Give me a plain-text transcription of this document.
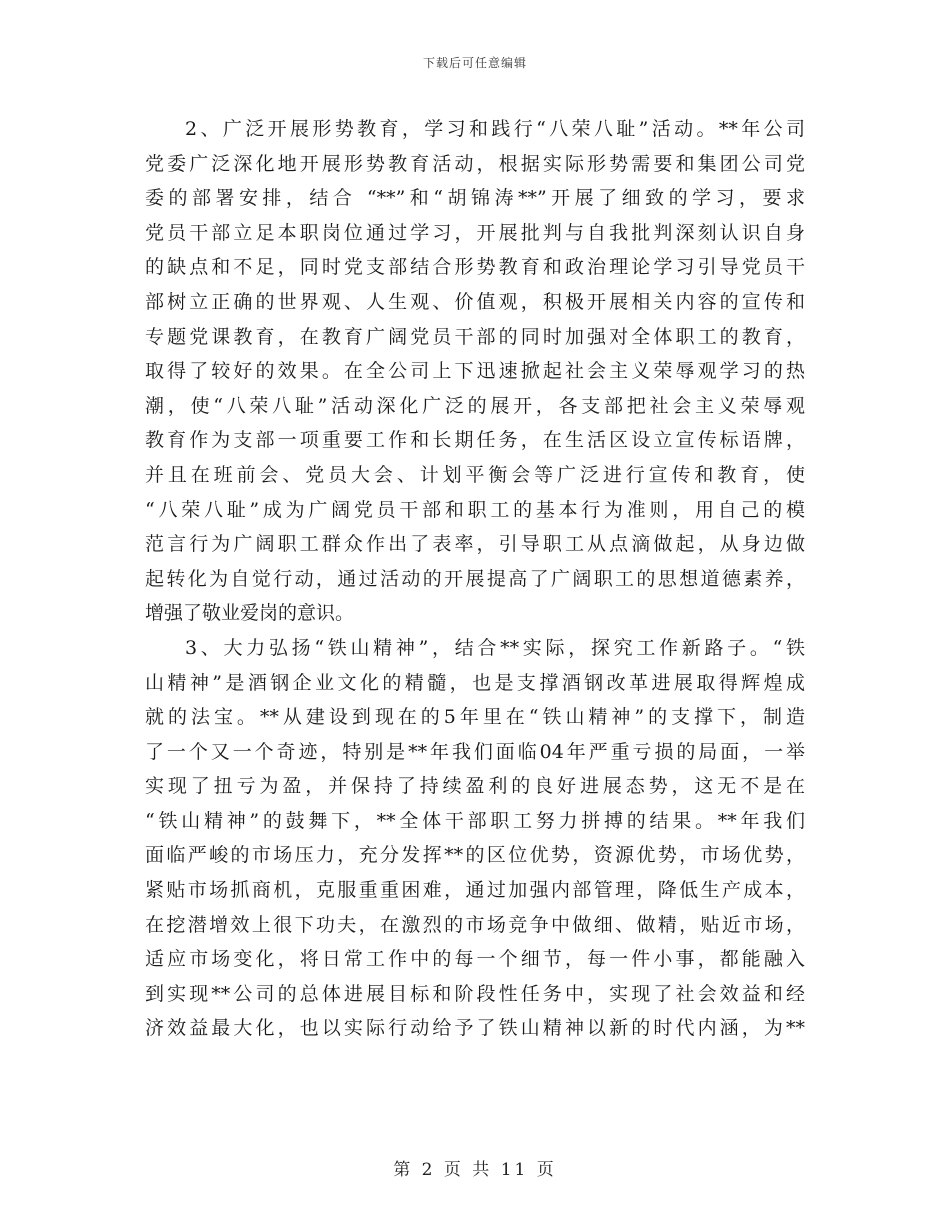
下载后可任意编辑
2、广泛开展形势教育，学习和践行“八荣八耻”活动。**年公司
党委广泛深化地开展形势教育活动，根据实际形势需要和集团公司党
委的部署安排，结合 “**”和“胡锦涛**”开展了细致的学习，要求
党员干部立足本职岗位通过学习，开展批判与自我批判深刻认识自身
的缺点和不足，同时党支部结合形势教育和政治理论学习引导党员干
部树立正确的世界观、人生观、价值观，积极开展相关内容的宣传和
专题党课教育，在教育广阔党员干部的同时加强对全体职工的教育，
取得了较好的效果。在全公司上下迅速掀起社会主义荣辱观学习的热
潮，使“八荣八耻”活动深化广泛的展开，各支部把社会主义荣辱观
教育作为支部一项重要工作和长期任务，在生活区设立宣传标语牌，
并且在班前会、党员大会、计划平衡会等广泛进行宣传和教育，使
“八荣八耻”成为广阔党员干部和职工的基本行为准则，用自己的模
范言行为广阔职工群众作出了表率，引导职工从点滴做起，从身边做
起转化为自觉行动，通过活动的开展提高了广阔职工的思想道德素养，
增强了敬业爱岗的意识。
3、大力弘扬“铁山精神”，结合**实际，探究工作新路子。“铁
山精神”是酒钢企业文化的精髓，也是支撑酒钢改革进展取得辉煌成
就的法宝。**从建设到现在的5年里在“铁山精神”的支撑下，制造
了一个又一个奇迹，特别是**年我们面临04年严重亏损的局面，一举
实现了扭亏为盈，并保持了持续盈利的良好进展态势，这无不是在
“铁山精神”的鼓舞下，**全体干部职工努力拼搏的结果。**年我们
面临严峻的市场压力，充分发挥**的区位优势，资源优势，市场优势，
紧贴市场抓商机，克服重重困难，通过加强内部管理，降低生产成本，
在挖潜增效上很下功夫，在激烈的市场竞争中做细、做精，贴近市场，
适应市场变化，将日常工作中的每一个细节，每一件小事，都能融入
到实现**公司的总体进展目标和阶段性任务中，实现了社会效益和经
济效益最大化，也以实际行动给予了铁山精神以新的时代内涵，为**
第 2 页 共 11 页
